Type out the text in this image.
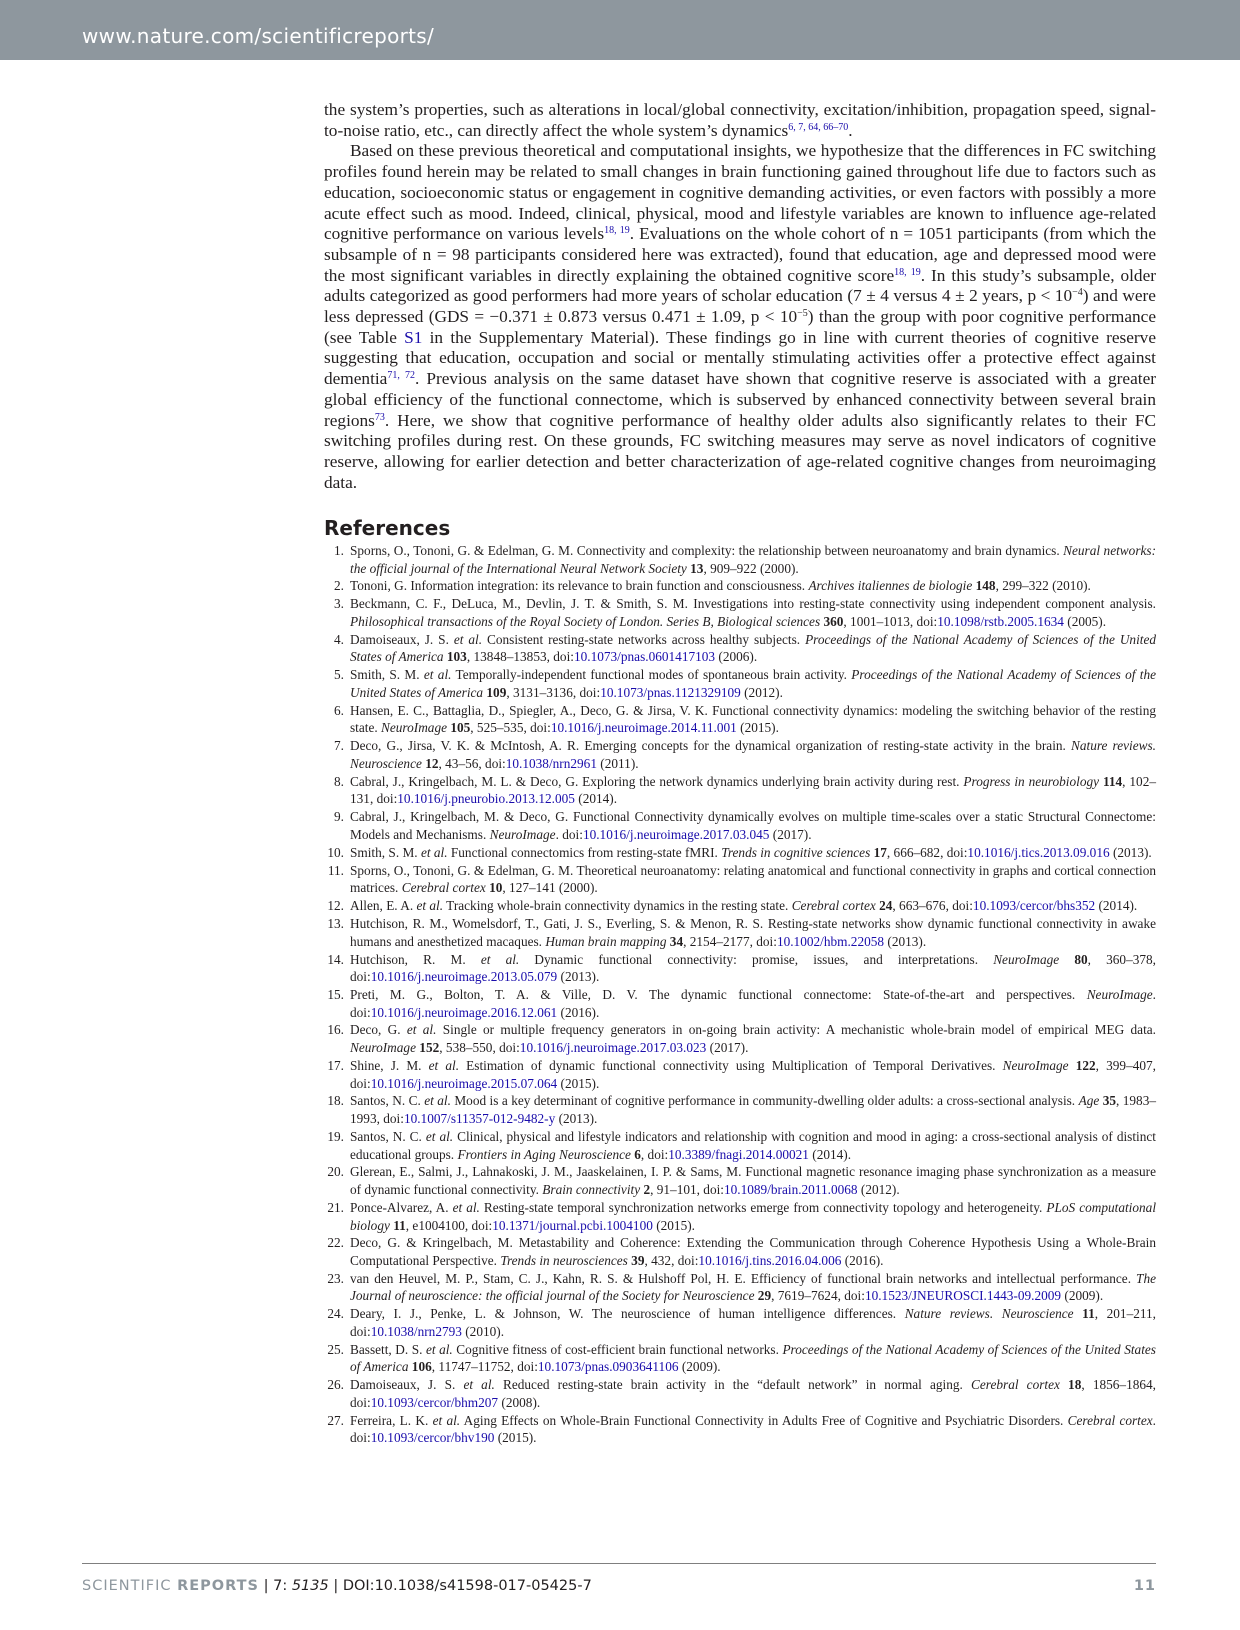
www.nature.com/scientificreports/

the system’s properties, such as alterations in local/global connectivity, excitation/inhibition, propagation speed, signal-to-noise ratio, etc., can directly affect the whole system’s dynamics$^{6, 7, 64, 66-70}$.

Based on these previous theoretical and computational insights, we hypothesize that the differences in FC switching profiles found herein may be related to small changes in brain functioning gained throughout life due to factors such as education, socioeconomic status or engagement in cognitive demanding activities, or even factors with possibly a more acute effect such as mood. Indeed, clinical, physical, mood and lifestyle variables are known to influence age-related cognitive performance on various levels$^{18, 19}$. Evaluations on the whole cohort of n = 1051 participants (from which the subsample of n = 98 participants considered here was extracted), found that education, age and depressed mood were the most significant variables in directly explaining the obtained cognitive score$^{18, 19}$. In this study’s subsample, older adults categorized as good performers had more years of scholar education (7 ± 4 versus 4 ± 2 years, $p < 10^{-4}$) and were less depressed (GDS = −0.371 ± 0.873 versus 0.471 ± 1.09, $p < 10^{-5}$) than the group with poor cognitive performance (see Table S1 in the Supplementary Material). These findings go in line with current theories of cognitive reserve suggesting that education, occupation and social or mentally stimulating activities offer a protective effect against dementia$^{71, 72}$. Previous analysis on the same dataset have shown that cognitive reserve is associated with a greater global efficiency of the functional connectome, which is subserved by enhanced connectivity between several brain regions$^{73}$. Here, we show that cognitive performance of healthy older adults also significantly relates to their FC switching profiles during rest. On these grounds, FC switching measures may serve as novel indicators of cognitive reserve, allowing for earlier detection and better characterization of age-related cognitive changes from neuroimaging data.

References
1. Sporns, O., Tononi, G. & Edelman, G. M. Connectivity and complexity: the relationship between neuroanatomy and brain dynamics. Neural networks: the official journal of the International Neural Network Society 13, 909–922 (2000).
2. Tononi, G. Information integration: its relevance to brain function and consciousness. Archives italiennes de biologie 148, 299–322 (2010).
3. Beckmann, C. F., DeLuca, M., Devlin, J. T. & Smith, S. M. Investigations into resting-state connectivity using independent component analysis. Philosophical transactions of the Royal Society of London. Series B, Biological sciences 360, 1001–1013, doi:10.1098/rstb.2005.1634 (2005).
4. Damoiseaux, J. S. et al. Consistent resting-state networks across healthy subjects. Proceedings of the National Academy of Sciences of the United States of America 103, 13848–13853, doi:10.1073/pnas.0601417103 (2006).
5. Smith, S. M. et al. Temporally-independent functional modes of spontaneous brain activity. Proceedings of the National Academy of Sciences of the United States of America 109, 3131–3136, doi:10.1073/pnas.1121329109 (2012).
6. Hansen, E. C., Battaglia, D., Spiegler, A., Deco, G. & Jirsa, V. K. Functional connectivity dynamics: modeling the switching behavior of the resting state. NeuroImage 105, 525–535, doi:10.1016/j.neuroimage.2014.11.001 (2015).
7. Deco, G., Jirsa, V. K. & McIntosh, A. R. Emerging concepts for the dynamical organization of resting-state activity in the brain. Nature reviews. Neuroscience 12, 43–56, doi:10.1038/nrn2961 (2011).
8. Cabral, J., Kringelbach, M. L. & Deco, G. Exploring the network dynamics underlying brain activity during rest. Progress in neurobiology 114, 102–131, doi:10.1016/j.pneurobio.2013.12.005 (2014).
9. Cabral, J., Kringelbach, M. & Deco, G. Functional Connectivity dynamically evolves on multiple time-scales over a static Structural Connectome: Models and Mechanisms. NeuroImage. doi:10.1016/j.neuroimage.2017.03.045 (2017).
10. Smith, S. M. et al. Functional connectomics from resting-state fMRI. Trends in cognitive sciences 17, 666–682, doi:10.1016/j.tics.2013.09.016 (2013).
11. Sporns, O., Tononi, G. & Edelman, G. M. Theoretical neuroanatomy: relating anatomical and functional connectivity in graphs and cortical connection matrices. Cerebral cortex 10, 127–141 (2000).
12. Allen, E. A. et al. Tracking whole-brain connectivity dynamics in the resting state. Cerebral cortex 24, 663–676, doi:10.1093/cercor/bhs352 (2014).
13. Hutchison, R. M., Womelsdorf, T., Gati, J. S., Everling, S. & Menon, R. S. Resting-state networks show dynamic functional connectivity in awake humans and anesthetized macaques. Human brain mapping 34, 2154–2177, doi:10.1002/hbm.22058 (2013).
14. Hutchison, R. M. et al. Dynamic functional connectivity: promise, issues, and interpretations. NeuroImage 80, 360–378, doi:10.1016/j.neuroimage.2013.05.079 (2013).
15. Preti, M. G., Bolton, T. A. & Ville, D. V. The dynamic functional connectome: State-of-the-art and perspectives. NeuroImage. doi:10.1016/j.neuroimage.2016.12.061 (2016).
16. Deco, G. et al. Single or multiple frequency generators in on-going brain activity: A mechanistic whole-brain model of empirical MEG data. NeuroImage 152, 538–550, doi:10.1016/j.neuroimage.2017.03.023 (2017).
17. Shine, J. M. et al. Estimation of dynamic functional connectivity using Multiplication of Temporal Derivatives. NeuroImage 122, 399–407, doi:10.1016/j.neuroimage.2015.07.064 (2015).
18. Santos, N. C. et al. Mood is a key determinant of cognitive performance in community-dwelling older adults: a cross-sectional analysis. Age 35, 1983–1993, doi:10.1007/s11357-012-9482-y (2013).
19. Santos, N. C. et al. Clinical, physical and lifestyle indicators and relationship with cognition and mood in aging: a cross-sectional analysis of distinct educational groups. Frontiers in Aging Neuroscience 6, doi:10.3389/fnagi.2014.00021 (2014).
20. Glerean, E., Salmi, J., Lahnakoski, J. M., Jaaskelainen, I. P. & Sams, M. Functional magnetic resonance imaging phase synchronization as a measure of dynamic functional connectivity. Brain connectivity 2, 91–101, doi:10.1089/brain.2011.0068 (2012).
21. Ponce-Alvarez, A. et al. Resting-state temporal synchronization networks emerge from connectivity topology and heterogeneity. PLoS computational biology 11, e1004100, doi:10.1371/journal.pcbi.1004100 (2015).
22. Deco, G. & Kringelbach, M. Metastability and Coherence: Extending the Communication through Coherence Hypothesis Using a Whole-Brain Computational Perspective. Trends in neurosciences 39, 432, doi:10.1016/j.tins.2016.04.006 (2016).
23. van den Heuvel, M. P., Stam, C. J., Kahn, R. S. & Hulshoff Pol, H. E. Efficiency of functional brain networks and intellectual performance. The Journal of neuroscience: the official journal of the Society for Neuroscience 29, 7619–7624, doi:10.1523/JNEUROSCI.1443-09.2009 (2009).
24. Deary, I. J., Penke, L. & Johnson, W. The neuroscience of human intelligence differences. Nature reviews. Neuroscience 11, 201–211, doi:10.1038/nrn2793 (2010).
25. Bassett, D. S. et al. Cognitive fitness of cost-efficient brain functional networks. Proceedings of the National Academy of Sciences of the United States of America 106, 11747–11752, doi:10.1073/pnas.0903641106 (2009).
26. Damoiseaux, J. S. et al. Reduced resting-state brain activity in the “default network” in normal aging. Cerebral cortex 18, 1856–1864, doi:10.1093/cercor/bhm207 (2008).
27. Ferreira, L. K. et al. Aging Effects on Whole-Brain Functional Connectivity in Adults Free of Cognitive and Psychiatric Disorders. Cerebral cortex. doi:10.1093/cercor/bhv190 (2015).
SCIENTIFIC REPORTS | 7: 5135 | DOI:10.1038/s41598-017-05425-7	11
